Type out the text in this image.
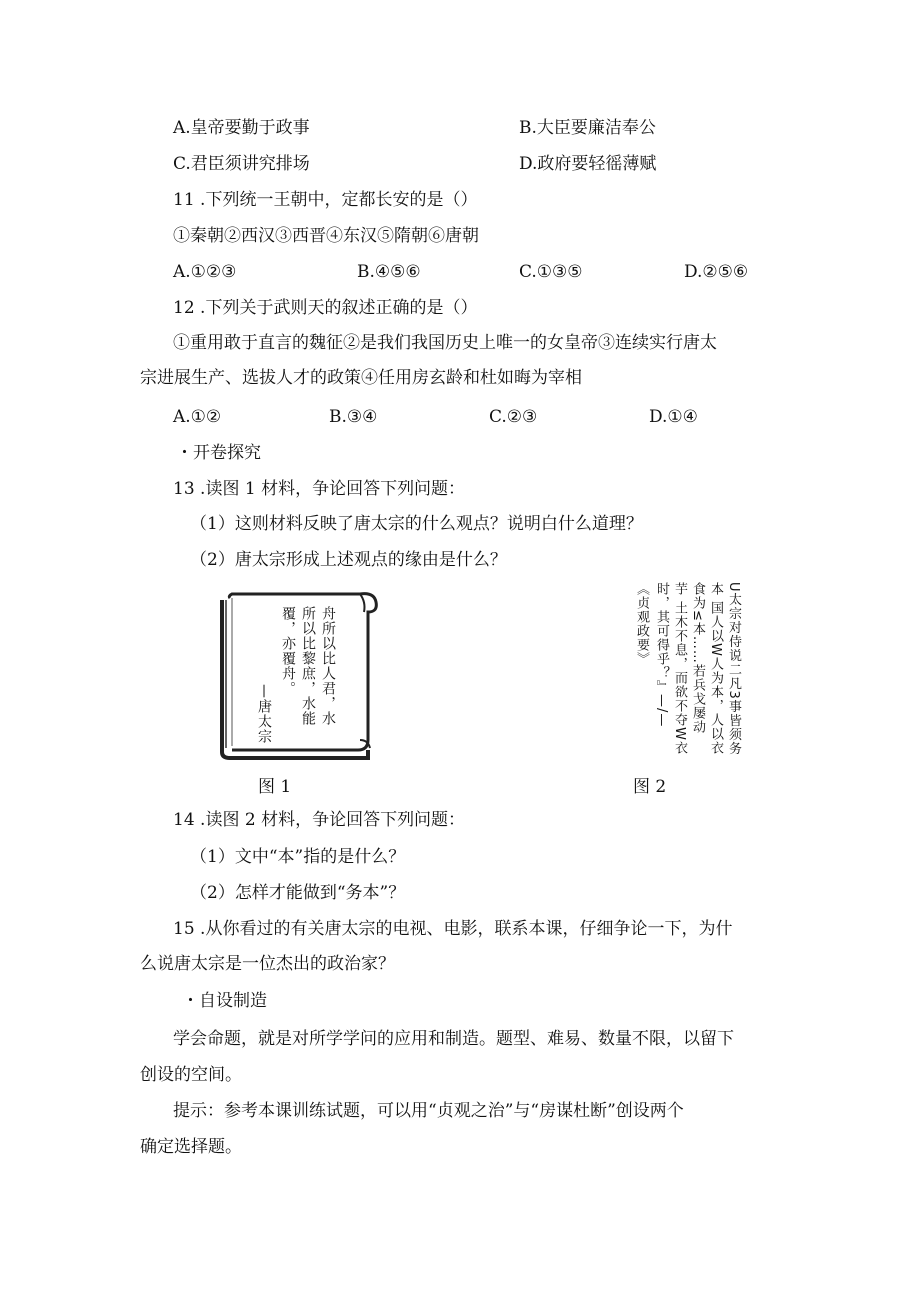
A.皇帝要勤于政事	B.大臣要廉洁奉公
C.君臣须讲究排场	D.政府要轻徭薄赋
11 .下列统一王朝中，定都长安的是（）
①秦朝②西汉③西晋④东汉⑤隋朝⑥唐朝
A.①②③	B.④⑤⑥	C.①③⑤	D.②⑤⑥
12 .下列关于武则天的叙述正确的是（）
①重用敢于直言的魏征②是我们我国历史上唯一的女皇帝③连续实行唐太
宗进展生产、选拔人才的政策④任用房玄龄和杜如晦为宰相
A.①②	B.③④	C.②③	D.①④
・开卷探究
13 .读图 1 材料，争论回答下列问题：
（1）这则材料反映了唐太宗的什么观点？说明白什么道理？
（2）唐太宗形成上述观点的缘由是什么？
舟所以比人君，水
所以比黎庶，水能
覆，亦覆舟。
—唐太宗
图 1
U太宗对侍说二凡3事皆须务
本 国人以W人为本，人以衣
食为≤本……若兵戈屡动
芋 土木不息，而欲不夺W衣
时，其可得乎？』—/—
《贞观政要》
图 2
14 .读图 2 材料，争论回答下列问题：
（1）文中“本”指的是什么？
（2）怎样才能做到“务本”？
15 .从你看过的有关唐太宗的电视、电影，联系本课，仔细争论一下，为什
么说唐太宗是一位杰出的政治家？
・自设制造
学会命题，就是对所学学问的应用和制造。题型、难易、数量不限，以留下
创设的空间。
提示：参考本课训练试题，可以用“贞观之治”与“房谋杜断”创设两个
确定选择题。
